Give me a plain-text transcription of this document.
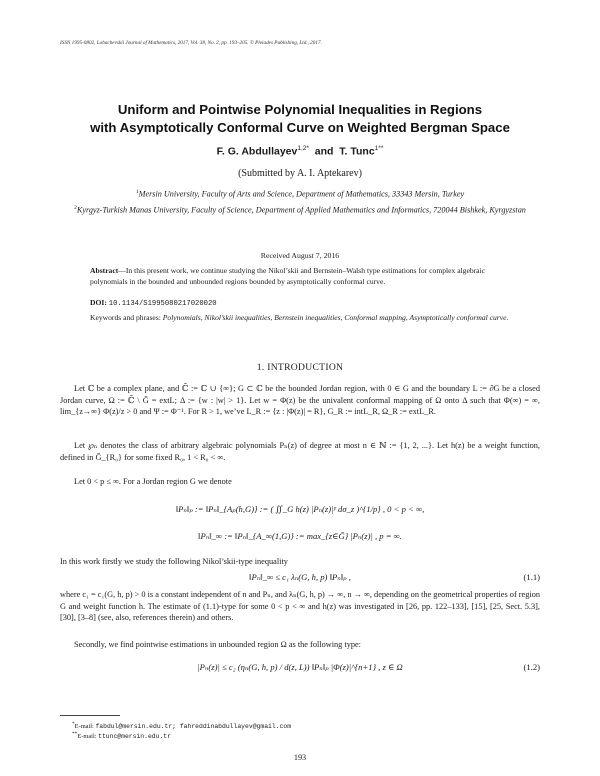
ISSN 1995-0802, Lobachevskii Journal of Mathematics, 2017, Vol. 38, No. 2, pp. 193–205. © Pleiades Publishing, Ltd., 2017.
Uniform and Pointwise Polynomial Inequalities in Regions
with Asymptotically Conformal Curve on Weighted Bergman Space
F. G. Abdullayev$^{1,2*}$ and T. Tunc$^{1**}$
(Submitted by A. I. Aptekarev)
$^1$Mersin University, Faculty of Arts and Science, Department of Mathematics, 33343 Mersin, Turkey
$^2$Kyrgyz-Turkish Manas University, Faculty of Science, Department of Applied Mathematics and Informatics, 720044 Bishkek, Kyrgyzstan
Received August 7, 2016
Abstract—In this present work, we continue studying the Nikol’skii and Bernstein–Walsh type estimations for complex algebraic polynomials in the bounded and unbounded regions bounded by asymptotically conformal curve.
DOI: 10.1134/S1995080217020020
Keywords and phrases: Polynomials, Nikol’skii inequalities, Bernstein inequalities, Conformal mapping, Asymptotically conformal curve.
1. INTRODUCTION
Let ℂ be a complex plane, and ℂ̄ := ℂ ∪ {∞}; G ⊂ ℂ be the bounded Jordan region, with 0 ∈ G and the boundary L := ∂G be a closed Jordan curve, Ω := ℂ̄ \ Ḡ = extL; Δ := {w : |w| > 1}. Let w = Φ(z) be the univalent conformal mapping of Ω onto Δ such that Φ(∞) = ∞, lim_{z→∞} Φ(z)/z > 0 and Ψ := Φ⁻¹. For R > 1, we’ve L_R := {z : |Φ(z)| = R}, G_R := intL_R, Ω_R := extL_R.
Let ℘ₙ denotes the class of arbitrary algebraic polynomials Pₙ(z) of degree at most n ∈ ℕ := {1, 2, ...}. Let h(z) be a weight function, defined in Ḡ_{R₀} for some fixed R₀, 1 < R₀ < ∞.
Let 0 < p ≤ ∞. For a Jordan region G we denote
‖Pₙ‖ₚ := ‖Pₙ‖_{Aₚ(h,G)} := ( ∬_G h(z) |Pₙ(z)|ᵖ dσ_z )^{1/p} , 0 < p < ∞,
‖Pₙ‖_∞ := ‖Pₙ‖_{A_∞(1,G)} := max_{z∈Ḡ} |Pₙ(z)| , p = ∞.
In this work firstly we study the following Nikol’skii-type inequality
‖Pₙ‖_∞ ≤ c₁ λₙ(G, h, p) ‖Pₙ‖ₚ ,	(1.1)
where c₁ = c₁(G, h, p) > 0 is a constant independent of n and Pₙ, and λₙ(G, h, p) → ∞, n → ∞, depending on the geometrical properties of region G and weight function h. The estimate of (1.1)-type for some 0 < p < ∞ and h(z) was investigated in [26, pp. 122–133], [15], [25, Sect. 5.3], [30], [3–8] (see, also, references therein) and others.
Secondly, we find pointwise estimations in unbounded region Ω as the following type:
|Pₙ(z)| ≤ c₂ (ηₙ(G, h, p) / d(z, L)) ‖Pₙ‖ₚ |Φ(z)|^{n+1} , z ∈ Ω	(1.2)
*E-mail: fabdul@mersin.edu.tr; fahreddinabdullayev@gmail.com
**E-mail: ttunc@mersin.edu.tr
193
